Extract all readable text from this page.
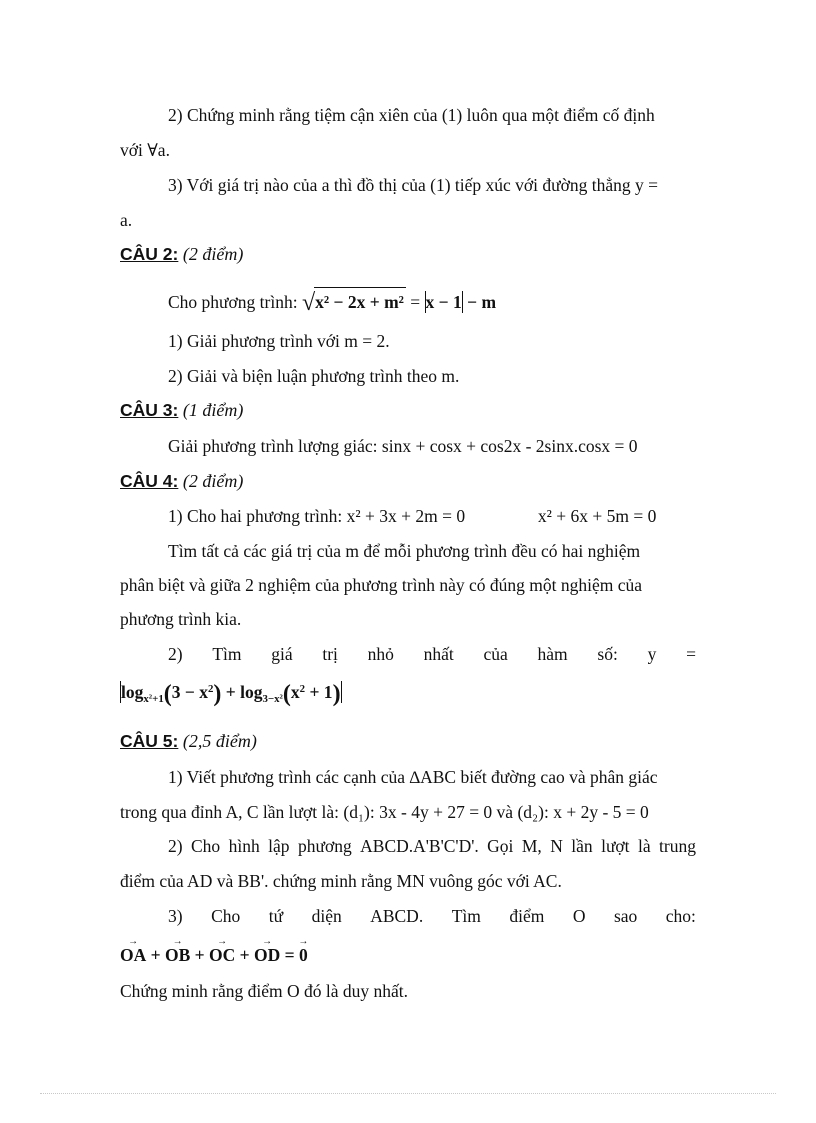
2) Chứng minh rằng tiệm cận xiên của (1) luôn qua một điểm cố định
với ∀a.
3) Với giá trị nào của a thì đồ thị của (1) tiếp xúc với đường thẳng y =
a.
CÂU 2: (2 điểm)
Cho phương trình: √x² − 2x + m² = x − 1 − m
1) Giải phương trình với m = 2.
2) Giải và biện luận phương trình theo m.
CÂU 3: (1 điểm)
Giải phương trình lượng giác: sinx + cosx + cos2x - 2sinx.cosx = 0
CÂU 4: (2 điểm)
1) Cho hai phương trình: x² + 3x + 2m = 0	x² + 6x + 5m = 0
Tìm tất cả các giá trị của m để mỗi phương trình đều có hai nghiệm
phân biệt và giữa 2 nghiệm của phương trình này có đúng một nghiệm của
phương trình kia.
2) Tìm giá trị nhỏ nhất của hàm số: y =
$\log_{x^2+1}(3 - x^2) + \log_{3-x^2}(x^2 + 1)$
CÂU 5: (2,5 điểm)
1) Viết phương trình các cạnh của ∆ABC biết đường cao và phân giác
trong qua đỉnh A, C lần lượt là: (d₁): 3x - 4y + 27 = 0 và (d₂): x + 2y - 5 = 0
2) Cho hình lập phương ABCD.A'B'C'D'. Gọi M, N lần lượt là trung
điểm của AD và BB'. chứng minh rằng MN vuông góc với AC.
3) Cho tứ diện ABCD. Tìm điểm O sao cho:
OA → + OB → + OC → + OD → = 0 →
Chứng minh rằng điểm O đó là duy nhất.
